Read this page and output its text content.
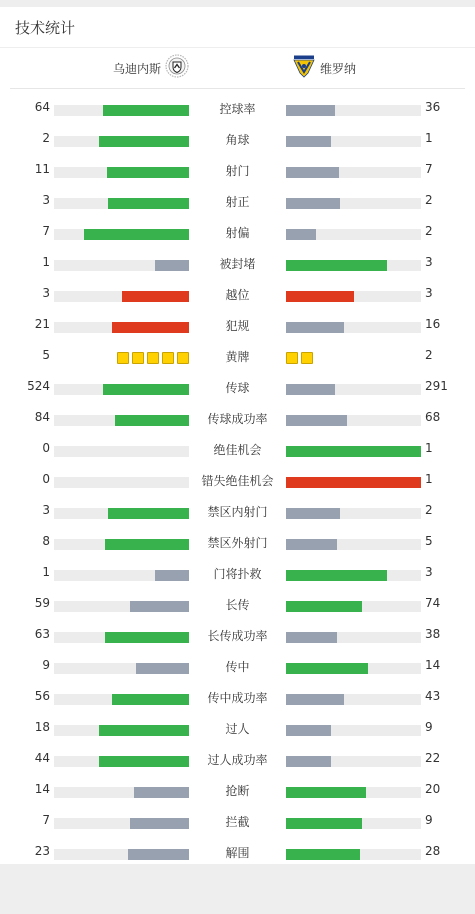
技术统计
乌迪内斯	维罗纳
64	控球率	36
2	角球	1
11	射门	7
3	射正	2
7	射偏	2
1	被封堵	3
3	越位	3
21	犯规	16
5	黄牌	2
524	传球	291
84	传球成功率	68
0	绝佳机会	1
0	错失绝佳机会	1
3	禁区内射门	2
8	禁区外射门	5
1	门将扑救	3
59	长传	74
63	长传成功率	38
9	传中	14
56	传中成功率	43
18	过人	9
44	过人成功率	22
14	抢断	20
7	拦截	9
23	解围	28
